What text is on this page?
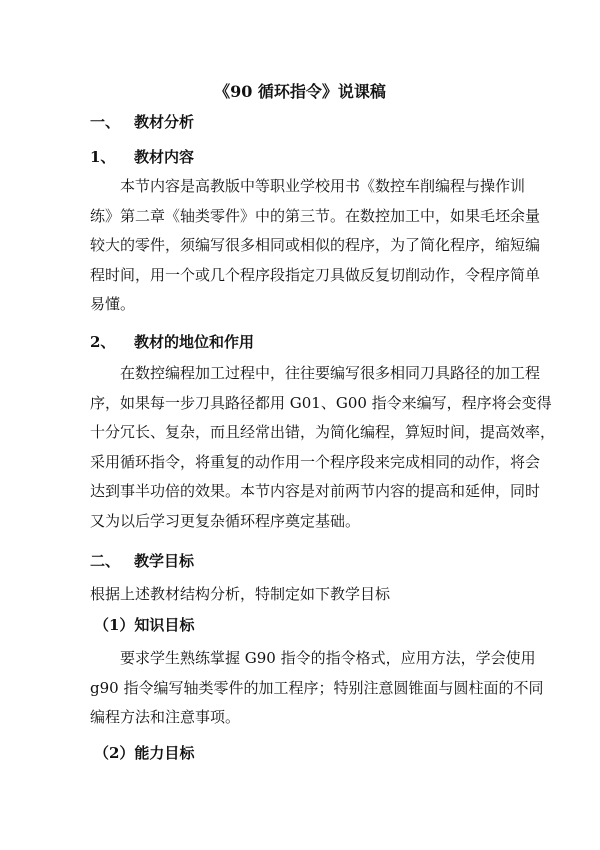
《90 循环指令》说课稿
一、 教材分析
1、 教材内容
本节内容是高教版中等职业学校用书《数控车削编程与操作训
练》第二章《轴类零件》中的第三节。在数控加工中，如果毛坯余量
较大的零件，须编写很多相同或相似的程序，为了简化程序，缩短编
程时间，用一个或几个程序段指定刀具做反复切削动作，令程序简单
易懂。
2、 教材的地位和作用
在数控编程加工过程中，往往要编写很多相同刀具路径的加工程
序，如果每一步刀具路径都用 G01、G00 指令来编写，程序将会变得
十分冗长、复杂，而且经常出错，为简化编程，算短时间，提高效率，
采用循环指令，将重复的动作用一个程序段来完成相同的动作，将会
达到事半功倍的效果。本节内容是对前两节内容的提高和延伸，同时
又为以后学习更复杂循环程序奠定基础。
二、 教学目标
根据上述教材结构分析，特制定如下教学目标
（1）知识目标
要求学生熟练掌握 G90 指令的指令格式，应用方法，学会使用
g90 指令编写轴类零件的加工程序；特别注意圆锥面与圆柱面的不同
编程方法和注意事项。
（2）能力目标
